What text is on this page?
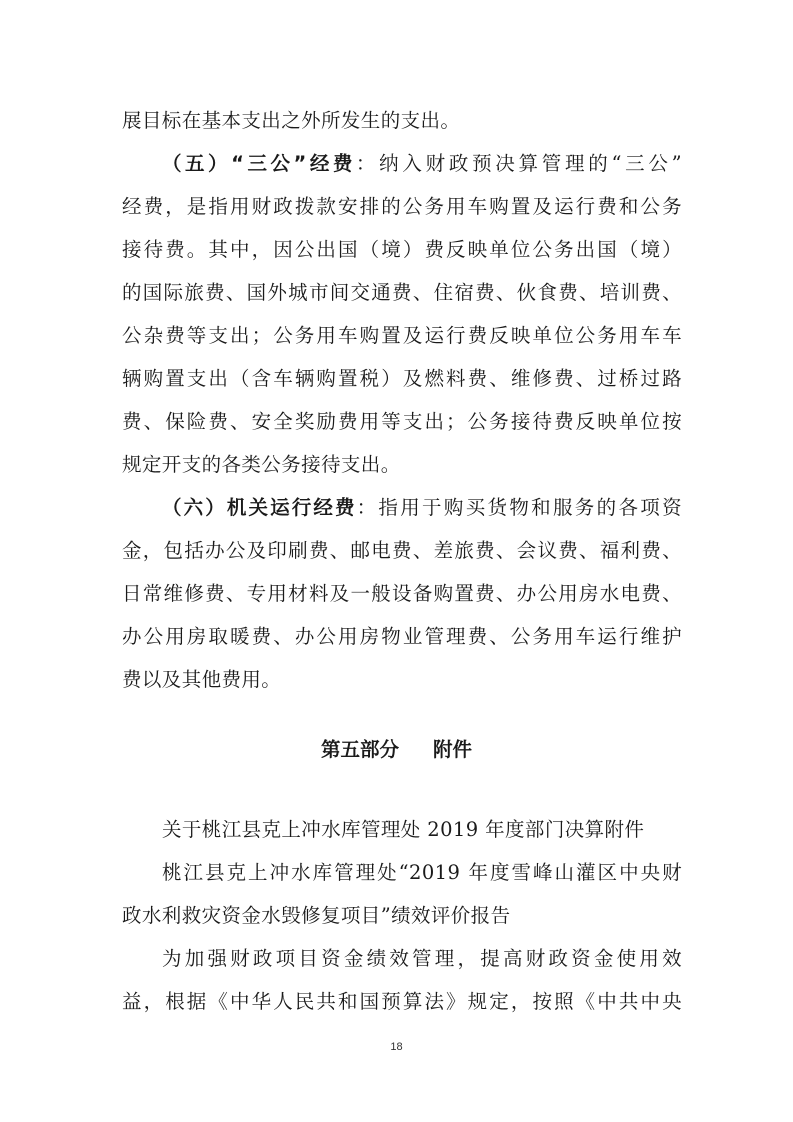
展目标在基本支出之外所发生的支出。
（五）“三公”经费：纳入财政预决算管理的“三公”
经费，是指用财政拨款安排的公务用车购置及运行费和公务
接待费。其中，因公出国（境）费反映单位公务出国（境）
的国际旅费、国外城市间交通费、住宿费、伙食费、培训费、
公杂费等支出；公务用车购置及运行费反映单位公务用车车
辆购置支出（含车辆购置税）及燃料费、维修费、过桥过路
费、保险费、安全奖励费用等支出；公务接待费反映单位按
规定开支的各类公务接待支出。
（六）机关运行经费：指用于购买货物和服务的各项资
金，包括办公及印刷费、邮电费、差旅费、会议费、福利费、
日常维修费、专用材料及一般设备购置费、办公用房水电费、
办公用房取暖费、办公用房物业管理费、公务用车运行维护
费以及其他费用。
第五部分 附件
关于桃江县克上冲水库管理处 2019 年度部门决算附件
桃江县克上冲水库管理处“2019 年度雪峰山灌区中央财
政水利救灾资金水毁修复项目”绩效评价报告
为加强财政项目资金绩效管理，提高财政资金使用效
益，根据《中华人民共和国预算法》规定，按照《中共中央
18
